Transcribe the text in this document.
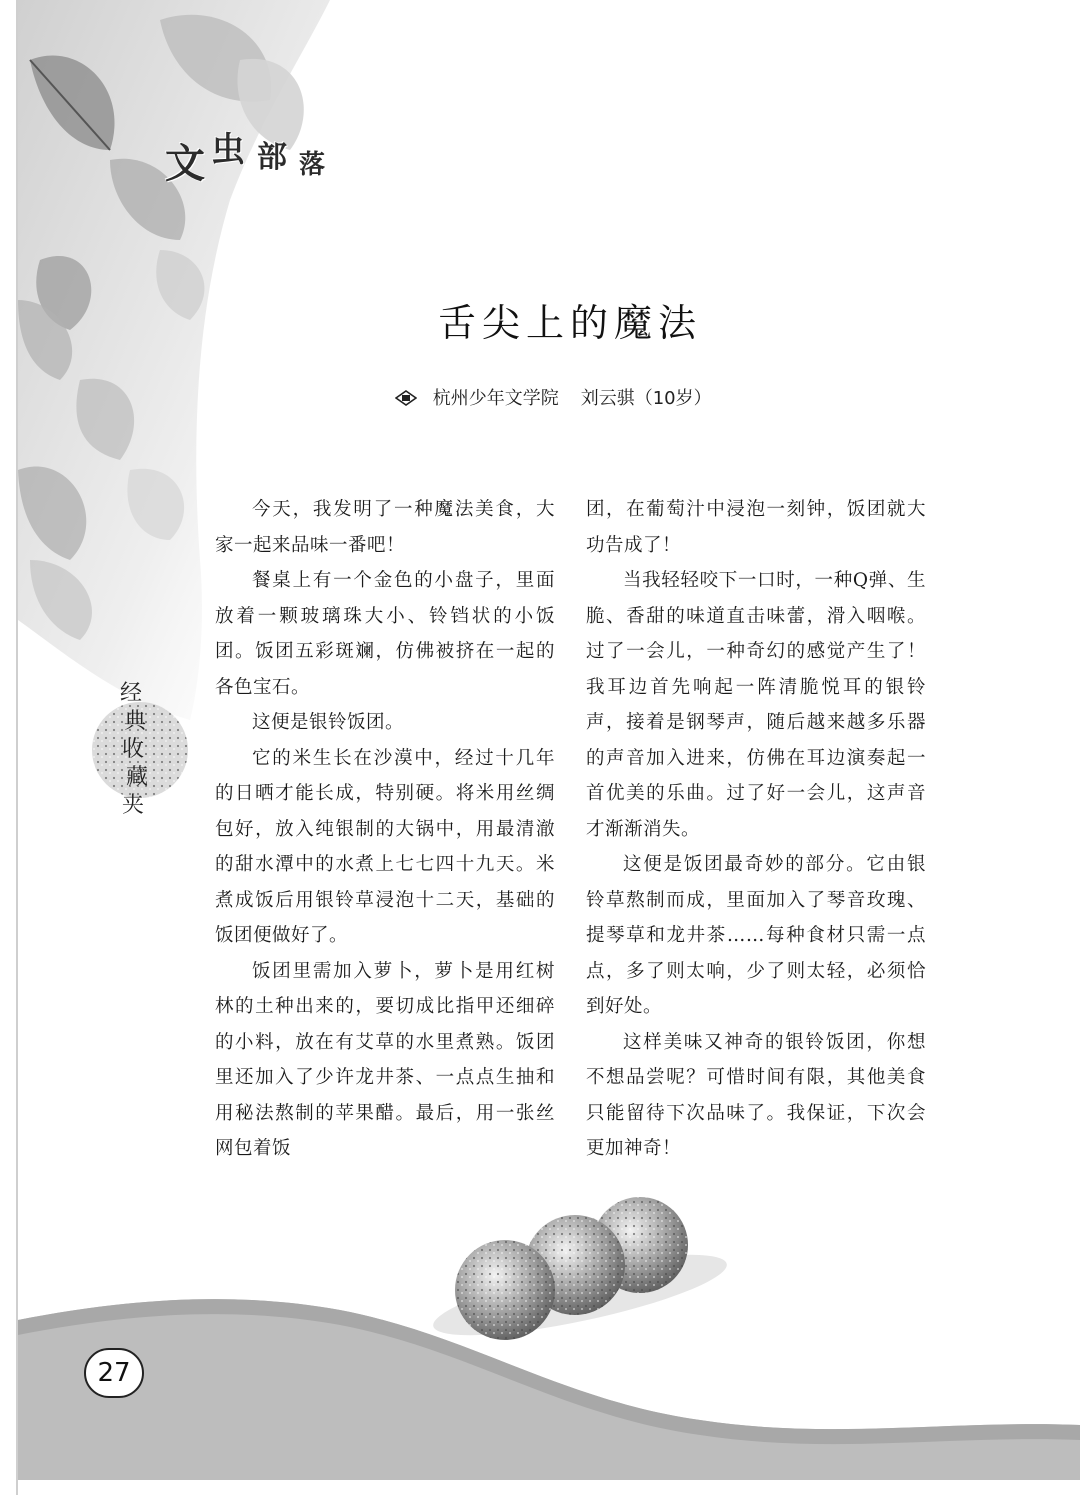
文 虫 部 落
舌尖上的魔法
杭州少年文学院 刘云骐（10岁）
经
典
收
藏
夹

今天，我发明了一种魔法美食，大家一起来品味一番吧！

餐桌上有一个金色的小盘子，里面放着一颗玻璃珠大小、铃铛状的小饭团。饭团五彩斑斓，仿佛被挤在一起的各色宝石。

这便是银铃饭团。

它的米生长在沙漠中，经过十几年的日晒才能长成，特别硬。将米用丝绸包好，放入纯银制的大锅中，用最清澈的甜水潭中的水煮上七七四十九天。米煮成饭后用银铃草浸泡十二天，基础的饭团便做好了。

饭团里需加入萝卜，萝卜是用红树林的土种出来的，要切成比指甲还细碎的小料，放在有艾草的水里煮熟。饭团里还加入了少许龙井茶、一点点生抽和用秘法熬制的苹果醋。最后，用一张丝网包着饭

团，在葡萄汁中浸泡一刻钟，饭团就大功告成了！

当我轻轻咬下一口时，一种Q弹、生脆、香甜的味道直击味蕾，滑入咽喉。过了一会儿，一种奇幻的感觉产生了！我耳边首先响起一阵清脆悦耳的银铃声，接着是钢琴声，随后越来越多乐器的声音加入进来，仿佛在耳边演奏起一首优美的乐曲。过了好一会儿，这声音才渐渐消失。

这便是饭团最奇妙的部分。它由银铃草熬制而成，里面加入了琴音玫瑰、提琴草和龙井茶……每种食材只需一点点，多了则太响，少了则太轻，必须恰到好处。

这样美味又神奇的银铃饭团，你想不想品尝呢？可惜时间有限，其他美食只能留待下次品味了。我保证，下次会更加神奇！

27
